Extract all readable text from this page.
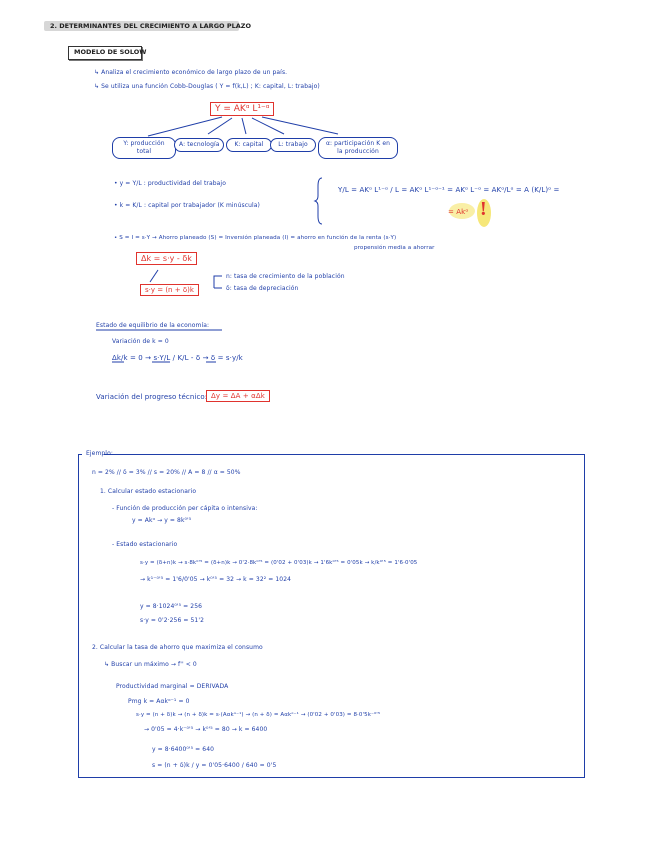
2. DETERMINANTES DEL CRECIMIENTO A LARGO PLAZO
MODELO DE SOLOW
↳ Analiza el crecimiento económico de largo plazo de un país.
↳ Se utiliza una función Cobb-Douglas ( Y = f(k,L) ; K: capital, L: trabajo)
Y = AKᵅ L¹⁻ᵅ
Y: producción total
A: tecnología	K: capital	L: trabajo	α: participación K en la producción
• y = Y/L : productividad del trabajo
• k = K/L : capital por trabajador (K minúscula)
Y/L = AKᵅ L¹⁻ᵅ / L = AKᵅ L¹⁻ᵅ⁻¹ = AKᵅ L⁻ᵅ = AKᵅ/Lᵅ = A (K/L)ᵅ =
= Akᵅ !
• S = I = s·Y → Ahorro planeado (S) = Inversión planeada (I) = ahorro en función de la renta (s·Y)
propensión media a ahorrar
Δk = s·y - δk
s·y = (n + δ)k
n: tasa de crecimiento de la población
δ: tasa de depreciación
Estado de equilibrio de la economía:
Variación de k = 0
Δk/k = 0 → s·Y/L / K/L - δ → δ = s·y/k
Variación del progreso técnico: Δy = ΔA + αΔk
Ejemplo:
n = 2% // δ = 3% // s = 20% // A = 8 // α = 50%
1. Calcular estado estacionario
- Función de producción per cápita o intensiva:
y = Akᵅ → y = 8k⁰'⁵
- Estado estacionario
s·y = (δ+n)k → s·8k⁰'⁵ = (δ+n)k → 0'2·8k⁰'⁵ = (0'02 + 0'03)k → 1'6k⁰'⁵ = 0'05k → k/k⁰'⁵ = 1'6·0'05
→ k¹⁻⁰'⁵ = 1'6/0'05 → k⁰'⁵ = 32 → k = 32² = 1024
y = 8·1024⁰'⁵ = 256
s·y = 0'2·256 = 51'2
2. Calcular la tasa de ahorro que maximiza el consumo
↳ Buscar un máximo → f'' < 0
Productividad marginal = DERIVADA
Pmg k = Aαkᵅ⁻¹ = 0
s·y = (n + δ)k → (n + δ)k = s·(Aαkᵅ⁻¹) → (n + δ) = Aαkᵅ⁻¹ → (0'02 + 0'03) = 8·0'5k⁻⁰'⁵
→ 0'05 = 4·k⁻⁰'⁵ → k⁰'⁵ = 80 → k = 6400
y = 8·6400⁰'⁵ = 640
s = (n + δ)k / y = 0'05·6400 / 640 = 0'5
